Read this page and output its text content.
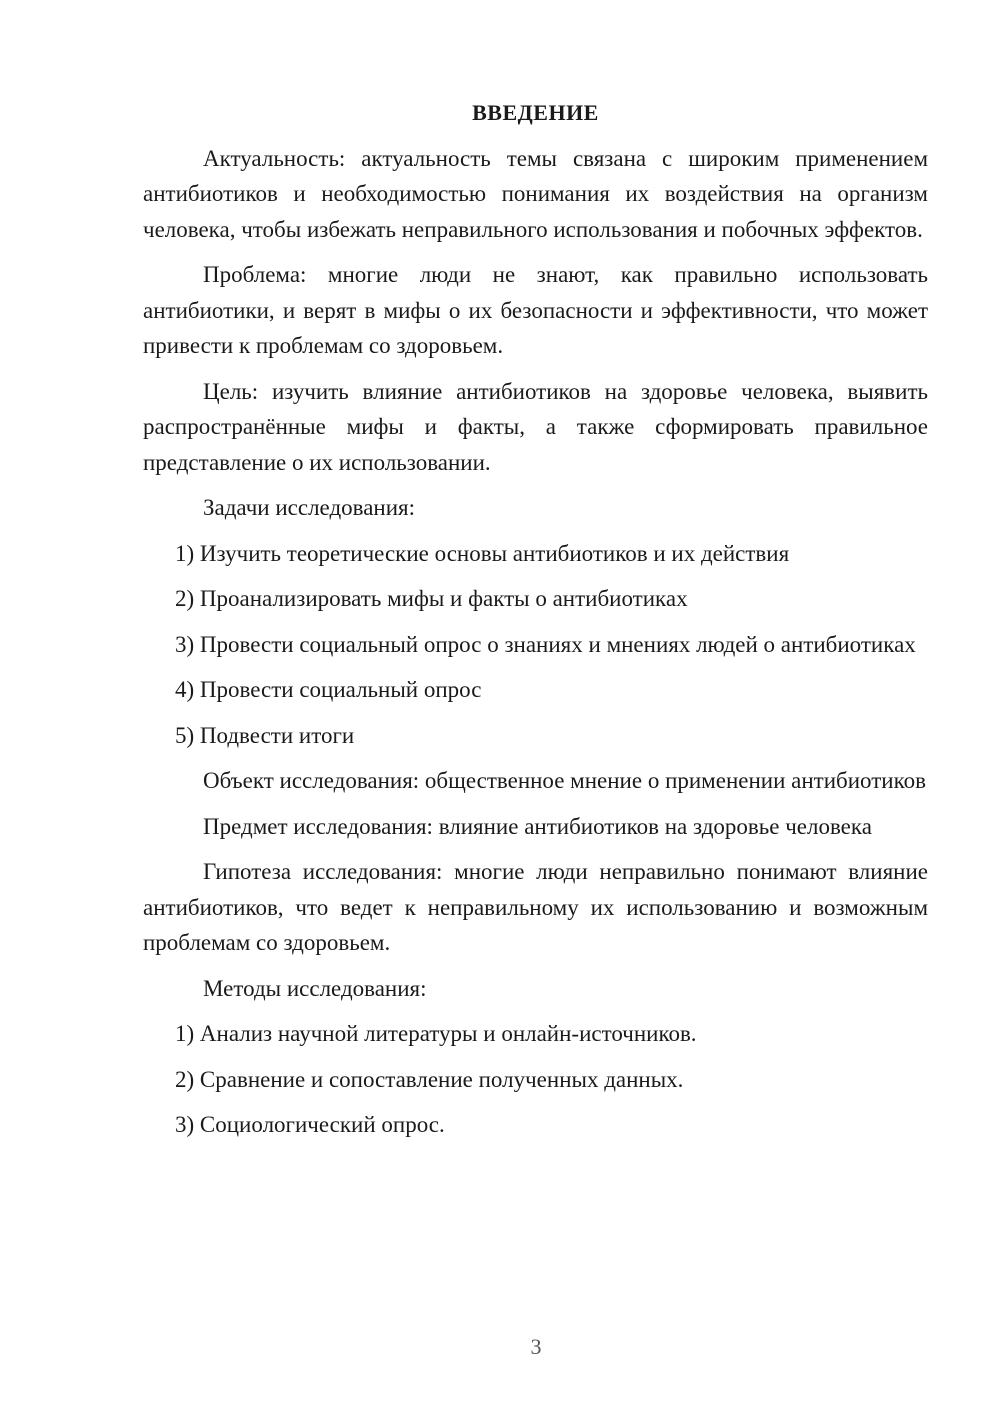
ВВЕДЕНИЕ

Актуальность: актуальность темы связана с широким применением антибиотиков и необходимостью понимания их воздействия на организм человека, чтобы избежать неправильного использования и побочных эффектов.

Проблема: многие люди не знают, как правильно использовать антибиотики, и верят в мифы о их безопасности и эффективности, что может привести к проблемам со здоровьем.

Цель: изучить влияние антибиотиков на здоровье человека, выявить распространённые мифы и факты, а также сформировать правильное представление о их использовании.

Задачи исследования:

1) Изучить теоретические основы антибиотиков и их действия

2) Проанализировать мифы и факты о антибиотиках

3) Провести социальный опрос о знаниях и мнениях людей о антибиотиках

4) Провести социальный опрос

5) Подвести итоги

Объект исследования: общественное мнение о применении антибиотиков

Предмет исследования: влияние антибиотиков на здоровье человека

Гипотеза исследования: многие люди неправильно понимают влияние антибиотиков, что ведет к неправильному их использованию и возможным проблемам со здоровьем.

Методы исследования:

1) Анализ научной литературы и онлайн-источников.

2) Сравнение и сопоставление полученных данных.

3) Социологический опрос.

3
